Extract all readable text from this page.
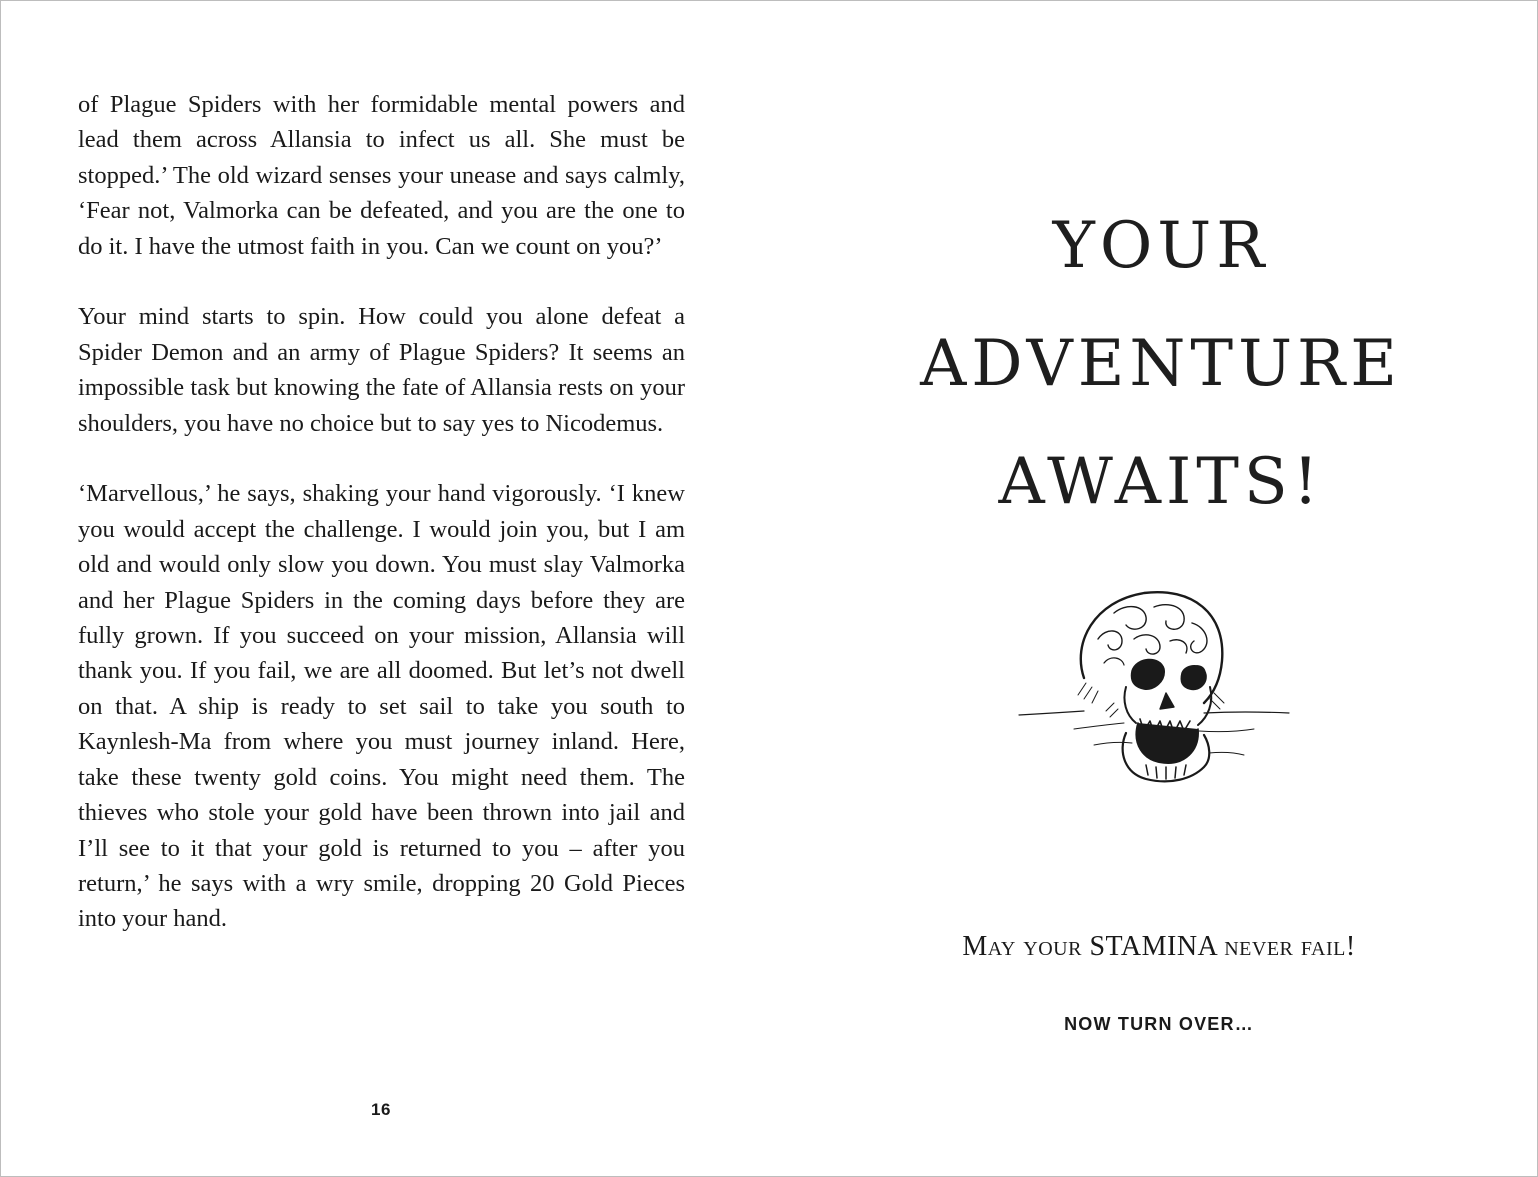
of Plague Spiders with her formidable mental powers and lead them across Allansia to infect us all. She must be stopped.’ The old wizard senses your unease and says calmly, ‘Fear not, Valmorka can be defeated, and you are the one to do it. I have the utmost faith in you. Can we count on you?’

Your mind starts to spin. How could you alone defeat a Spider Demon and an army of Plague Spiders? It seems an impossible task but knowing the fate of Allansia rests on your shoulders, you have no choice but to say yes to Nicodemus.

‘Marvellous,’ he says, shaking your hand vigorously. ‘I knew you would accept the challenge. I would join you, but I am old and would only slow you down. You must slay Valmorka and her Plague Spiders in the coming days before they are fully grown. If you succeed on your mission, Allansia will thank you. If you fail, we are all doomed. But let’s not dwell on that. A ship is ready to set sail to take you south to Kaynlesh-Ma from where you must journey inland. Here, take these twenty gold coins. You might need them. The thieves who stole your gold have been thrown into jail and I’ll see to it that your gold is returned to you – after you return,’ he says with a wry smile, dropping 20 Gold Pieces into your hand.

16
YOUR
ADVENTURE
AWAITS!
May your STAMINA never fail!
NOW TURN OVER…
